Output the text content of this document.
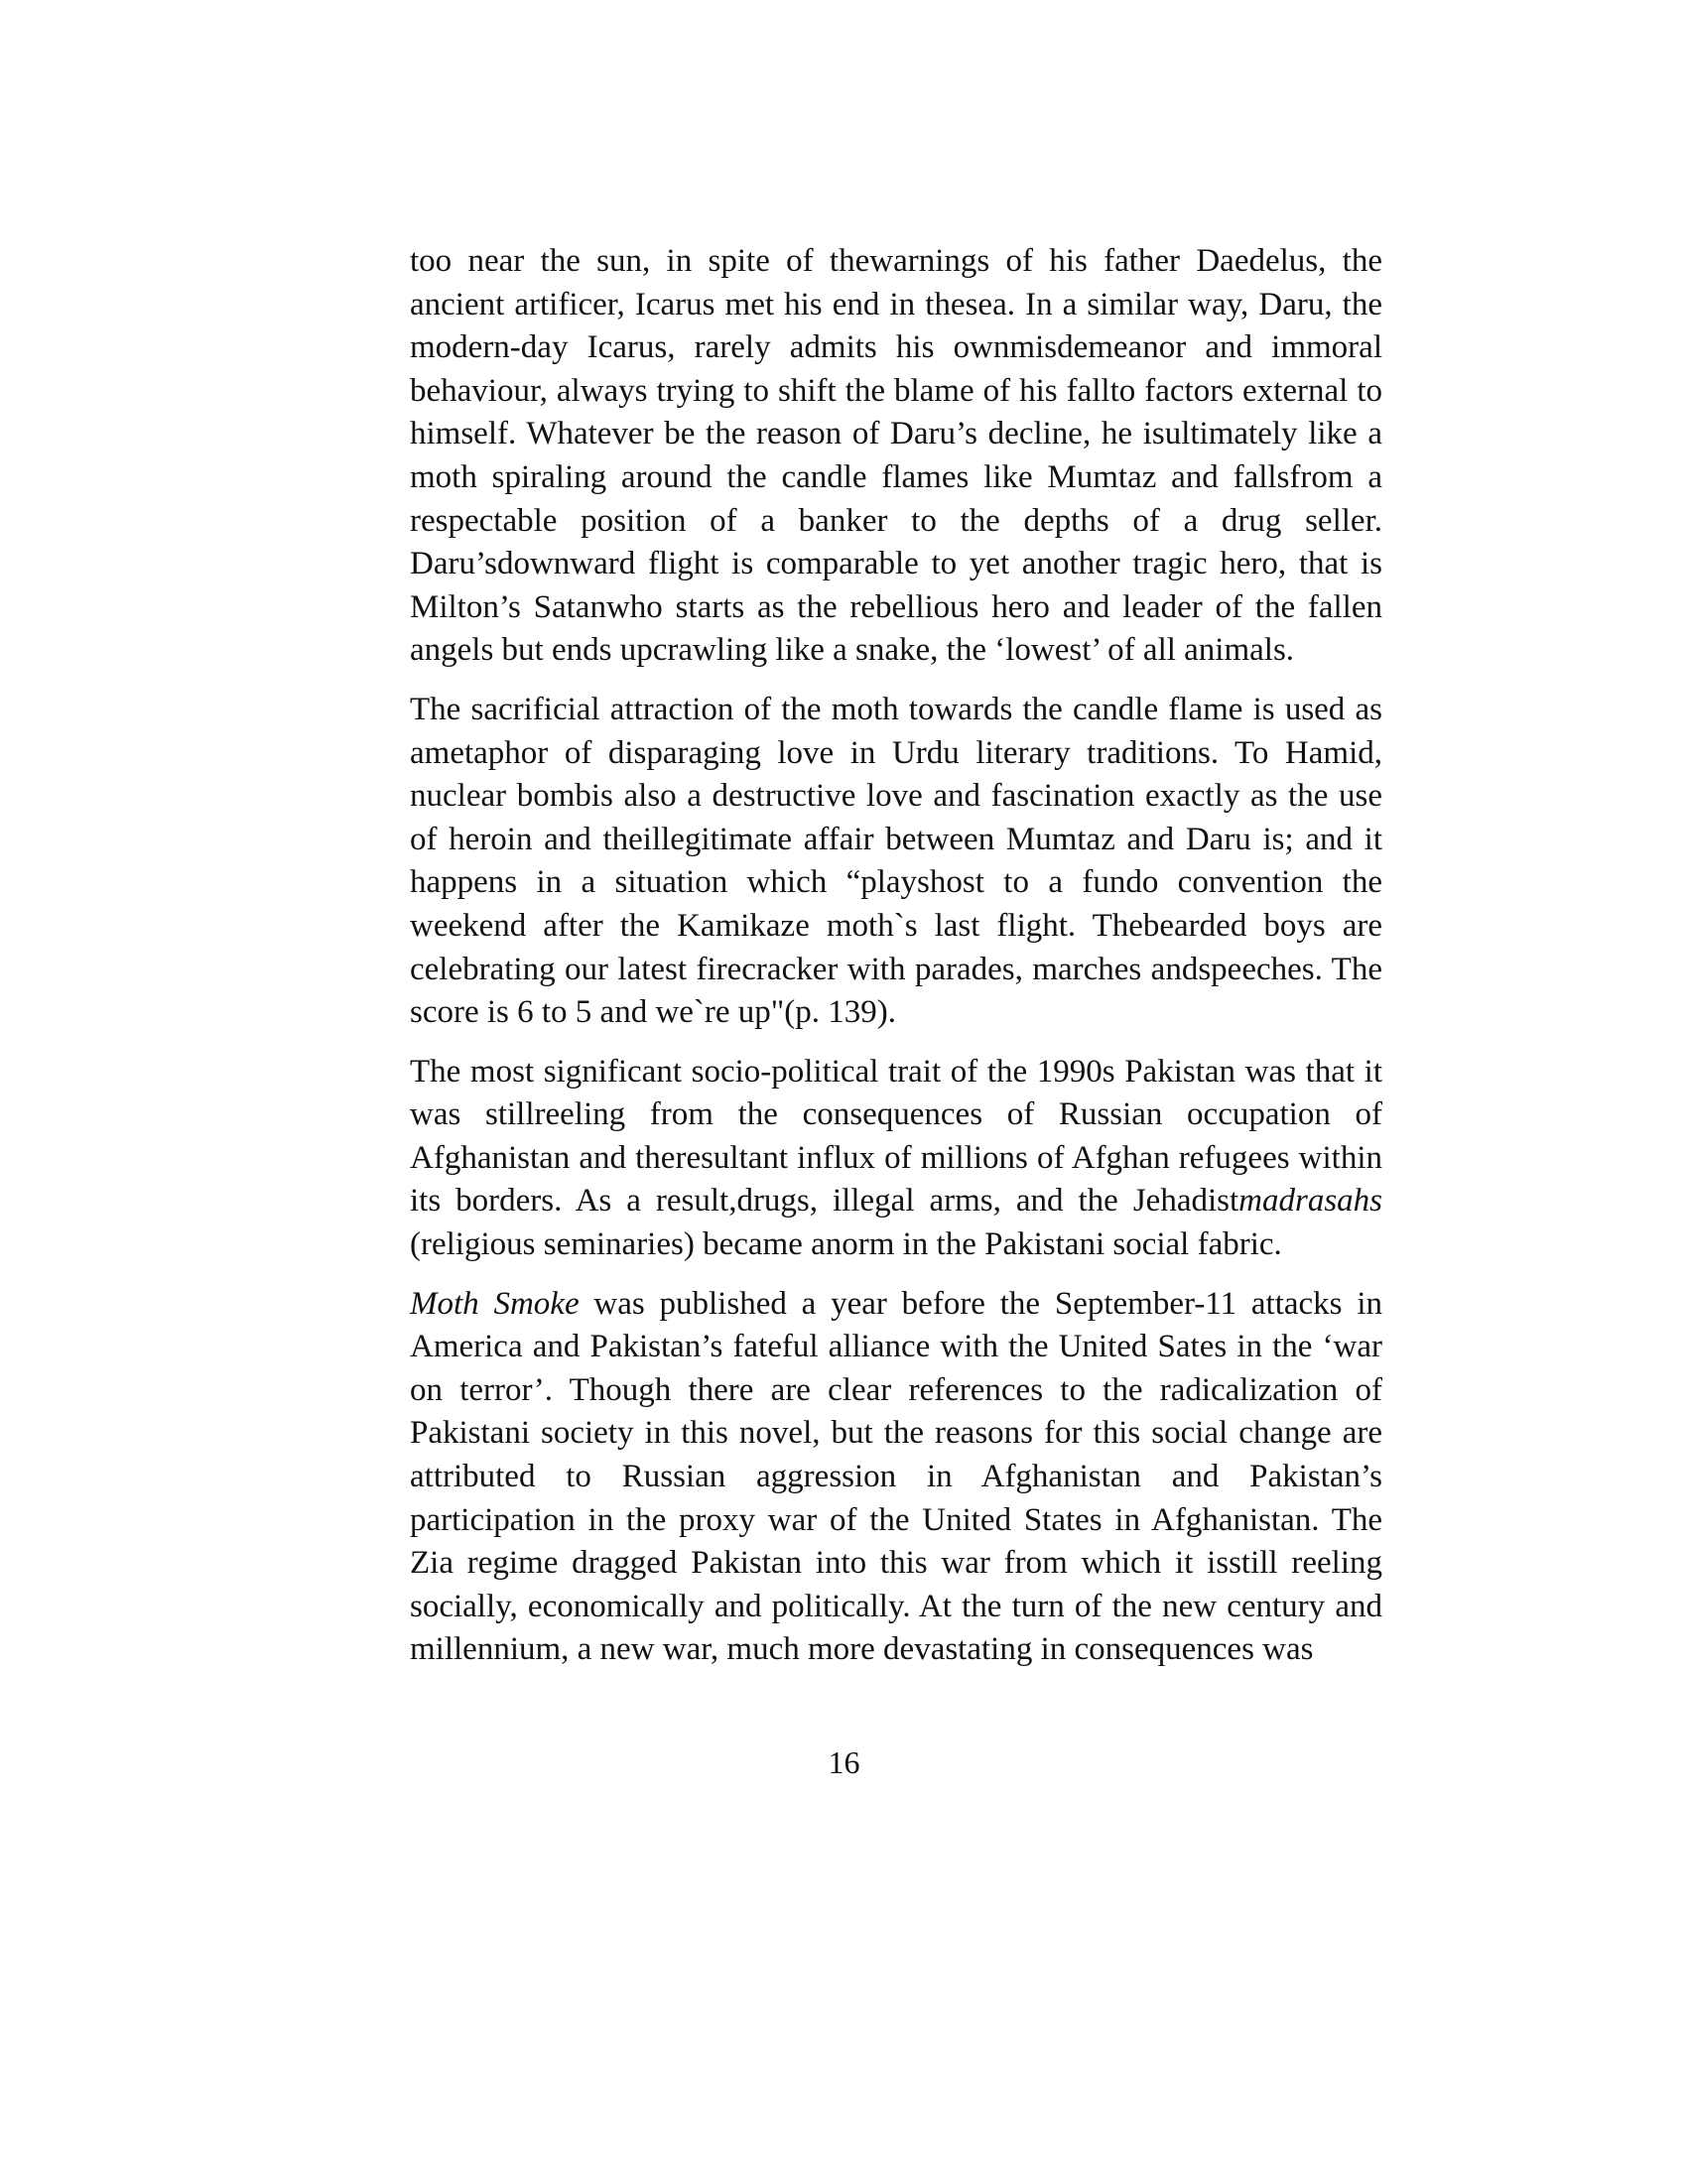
too near the sun, in spite of thewarnings of his father Daedelus, the ancient artificer, Icarus met his end in thesea. In a similar way, Daru, the modern-day Icarus, rarely admits his ownmisdemeanor and immoral behaviour, always trying to shift the blame of his fallto factors external to himself. Whatever be the reason of Daru’s decline, he isultimately like a moth spiraling around the candle flames like Mumtaz and fallsfrom a respectable position of a banker to the depths of a drug seller. Daru’sdownward flight is comparable to yet another tragic hero, that is Milton’s Satanwho starts as the rebellious hero and leader of the fallen angels but ends upcrawling like a snake, the ‘lowest’ of all animals.

The sacrificial attraction of the moth towards the candle flame is used as ametaphor of disparaging love in Urdu literary traditions. To Hamid, nuclear bombis also a destructive love and fascination exactly as the use of heroin and theillegitimate affair between Mumtaz and Daru is; and it happens in a situation which “playshost to a fundo convention the weekend after the Kamikaze moth`s last flight. Thebearded boys are celebrating our latest firecracker with parades, marches andspeeches. The score is 6 to 5 and we`re up"(p. 139).

The most significant socio-political trait of the 1990s Pakistan was that it was stillreeling from the consequences of Russian occupation of Afghanistan and theresultant influx of millions of Afghan refugees within its borders. As a result,drugs, illegal arms, and the Jehadistmadrasahs (religious seminaries) became anorm in the Pakistani social fabric.

Moth Smoke was published a year before the September-11 attacks in America and Pakistan’s fateful alliance with the United Sates in the ‘war on terror’. Though there are clear references to the radicalization of Pakistani society in this novel, but the reasons for this social change are attributed to Russian aggression in Afghanistan and Pakistan’s participation in the proxy war of the United States in Afghanistan. The Zia regime dragged Pakistan into this war from which it isstill reeling socially, economically and politically. At the turn of the new century and millennium, a new war, much more devastating in consequences was

16
